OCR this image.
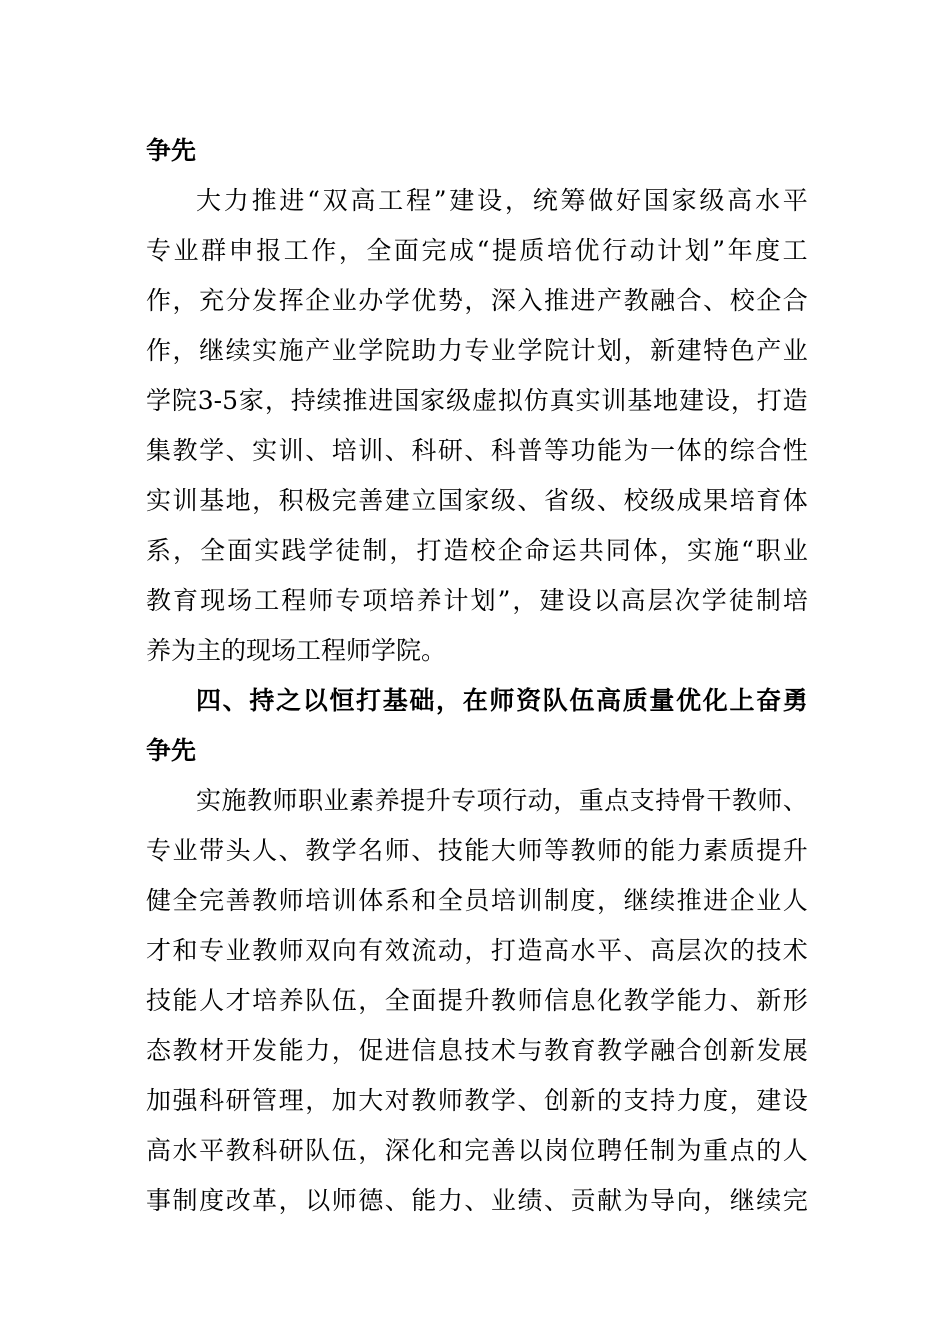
争先
大 力 推 进 “ 双 高 工 程 ” 建 设 ， 统 筹 做 好 国 家 级 高 水 平
专 业 群 申 报 工 作 ， 全 面 完 成 “ 提 质 培 优 行 动 计 划 ” 年 度 工
作 ， 充 分 发 挥 企 业 办 学 优 势 ， 深 入 推 进 产 教 融 合 、 校 企 合
作 ， 继 续 实 施 产 业 学 院 助 力 专 业 学 院 计 划 ， 新 建 特 色 产 业
学 院 3-5 家 ， 持 续 推 进 国 家 级 虚 拟 仿 真 实 训 基 地 建 设 ， 打 造
集 教 学 、 实 训 、 培 训 、 科 研 、 科 普 等 功 能 为 一 体 的 综 合 性
实 训 基 地 ， 积 极 完 善 建 立 国 家 级 、 省 级 、 校 级 成 果 培 育 体
系 ， 全 面 实 践 学 徒 制 ， 打 造 校 企 命 运 共 同 体 ， 实 施 “ 职 业
教 育 现 场 工 程 师 专 项 培 养 计 划 ” ， 建 设 以 高 层 次 学 徒 制 培
养为主的现场工程师学院。
四 、 持 之 以 恒 打 基 础 ， 在 师 资 队 伍 高 质 量 优 化 上 奋 勇
争先
实 施 教 师 职 业 素 养 提 升 专 项 行 动 ， 重 点 支 持 骨 干 教 师 、
专 业 带 头 人 、 教 学 名 师 、 技 能 大 师 等 教 师 的 能 力 素 质 提 升
健 全 完 善 教 师 培 训 体 系 和 全 员 培 训 制 度 ， 继 续 推 进 企 业 人
才 和 专 业 教 师 双 向 有 效 流 动 ， 打 造 高 水 平 、 高 层 次 的 技 术
技 能 人 才 培 养 队 伍 ， 全 面 提 升 教 师 信 息 化 教 学 能 力 、 新 形
态 教 材 开 发 能 力 ， 促 进 信 息 技 术 与 教 育 教 学 融 合 创 新 发 展
加 强 科 研 管 理 ， 加 大 对 教 师 教 学 、 创 新 的 支 持 力 度 ， 建 设
高 水 平 教 科 研 队 伍 ， 深 化 和 完 善 以 岗 位 聘 任 制 为 重 点 的 人
事 制 度 改 革 ， 以 师 德 、 能 力 、 业 绩 、 贡 献 为 导 向 ， 继 续 完
